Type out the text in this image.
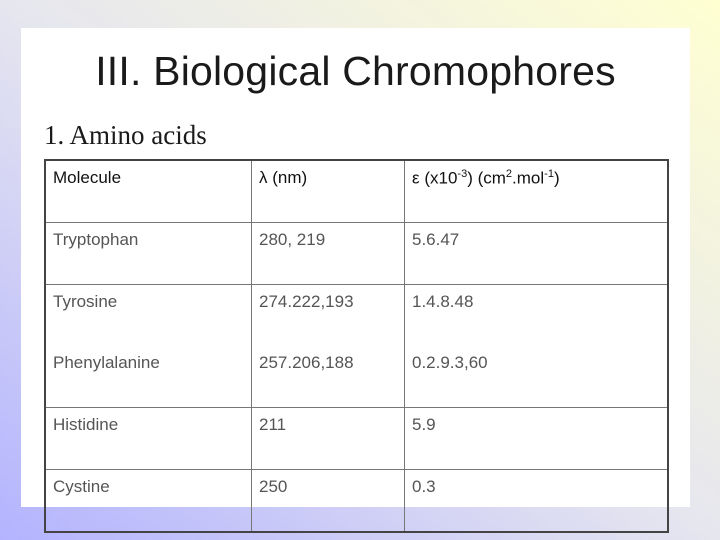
III. Biological Chromophores
1. Amino acids
Molecule	λ (nm)	ε $(x10^{-3})$ $(cm^2.mol^{-1})$
Tryptophan	280, 219	5.6.47
Tyrosine	274.222,193	1.4.8.48
Phenylalanine	257.206,188	0.2.9.3,60
Histidine	211	5.9
Cystine	250	0.3
